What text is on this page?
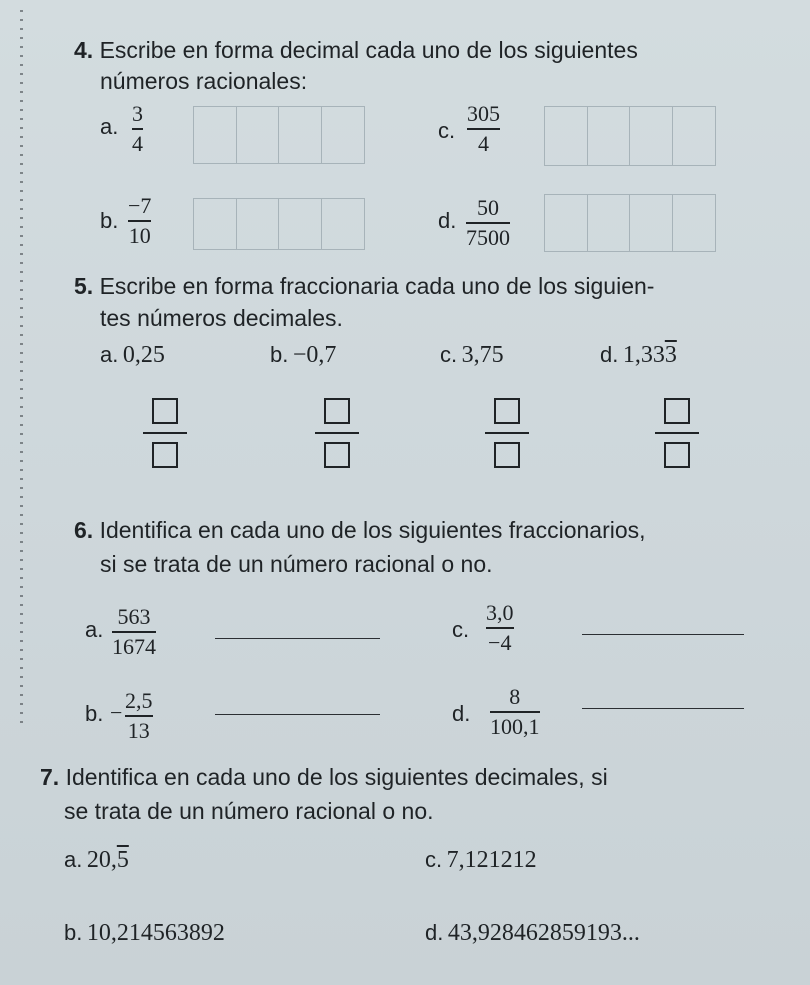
4. Escribe en forma decimal cada uno de los siguientes
números racionales:
a.
3
4
b.
−7
10
c.
305
4
d.
50
7500
5. Escribe en forma fraccionaria cada uno de los siguien-
tes números decimales.
a. 0,25	b. −0,7	c. 3,75	d. 1,333
6. Identifica en cada uno de los siguientes fraccionarios,
si se trata de un número racional o no.
a.
563
1674
b. − 2,5
13
c.
3,0
−4
d.
8
100,1
7. Identifica en cada uno de los siguientes decimales, si
se trata de un número racional o no.
a. 20,5
b. 10,214563892
c. 7,121212
d. 43,928462859193...
